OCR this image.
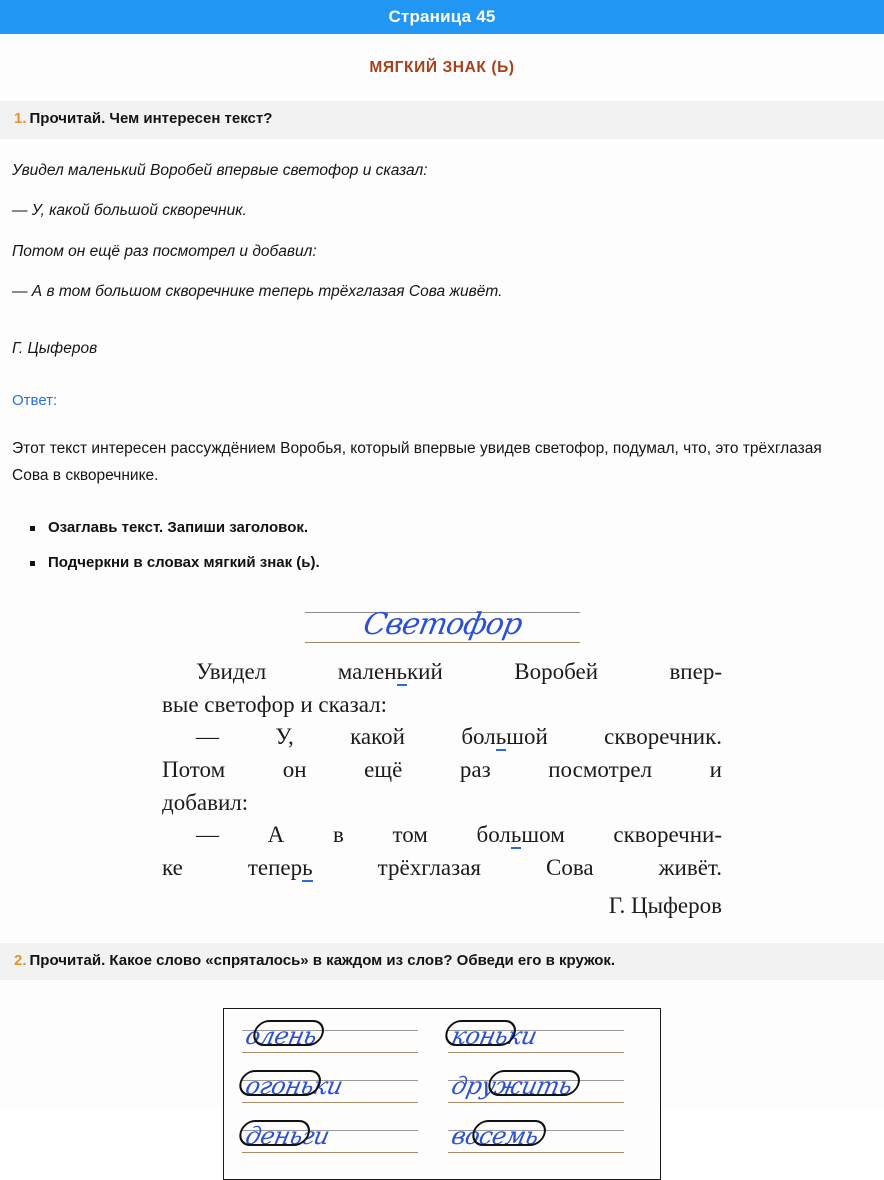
Страница 45
МЯГКИЙ ЗНАК (Ь)
1. Прочитай. Чем интересен текст?

Увидел маленький Воробей впервые светофор и сказал:

— У, какой большой скворечник.

Потом он ещё раз посмотрел и добавил:

— А в том большом скворечнике теперь трёхглазая Сова живёт.

Г. Цыферов

Ответ:

Этот текст интересен рассуждёнием Воробья, который впервые увидев светофор, подумал, что, это трёхглазая Сова в скворечнике.

Озаглавь текст. Запиши заголовок.
Подчеркни в словах мягкий знак (ь).
Светофор

Увидел маленький Воробей впер-

вые светофор и сказал:

— У, какой большой скворечник.

Потом он ещё раз посмотрел и

добавил:

— А в том большом скворечни-

ке теперь трёхглазая Сова живёт.

Г. Цыферов
2. Прочитай. Какое слово «спряталось» в каждом из слов? Обведи его в кружок.
олень	коньки
огоньки	дружить
деньги	восемь
